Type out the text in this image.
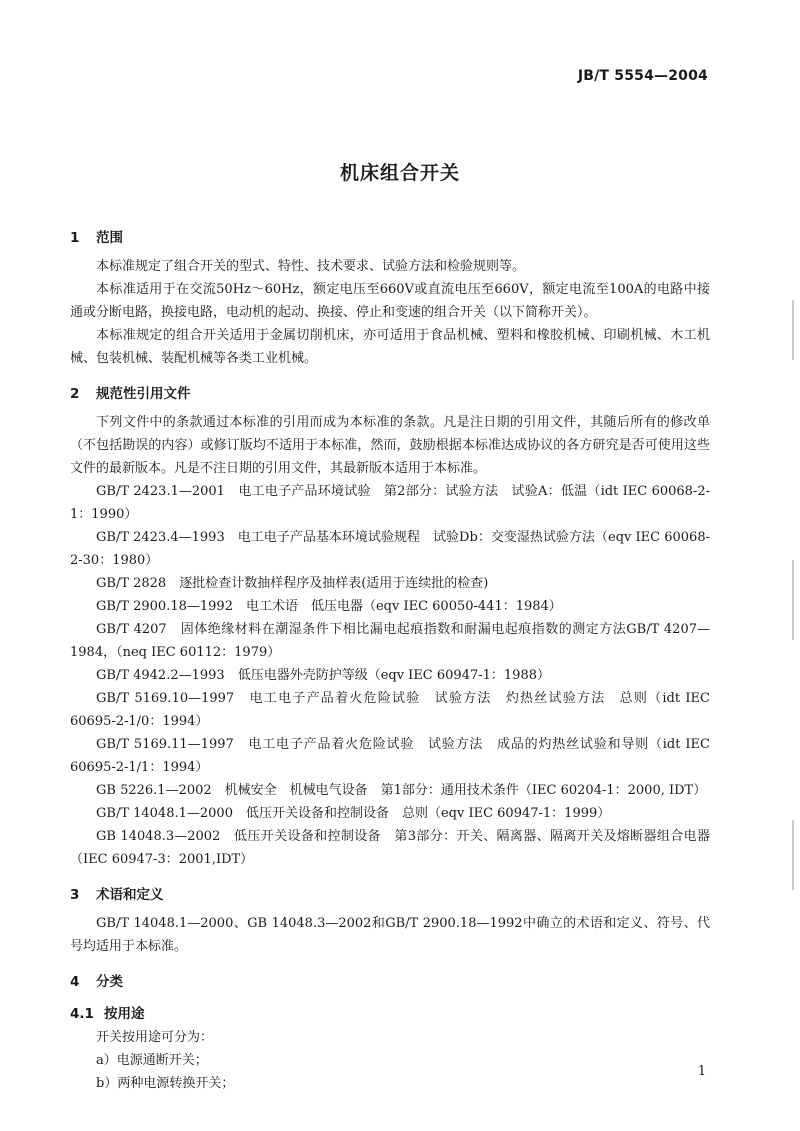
JB/T 5554—2004
机床组合开关
1 范围

本标准规定了组合开关的型式、特性、技术要求、试验方法和检验规则等。

本标准适用于在交流50Hz～60Hz，额定电压至660V或直流电压至660V，额定电流至100A的电路中接通或分断电路，换接电路，电动机的起动、换接、停止和变速的组合开关（以下简称开关）。

本标准规定的组合开关适用于金属切削机床，亦可适用于食品机械、塑料和橡胶机械、印刷机械、木工机械、包装机械、装配机械等各类工业机械。

2 规范性引用文件

下列文件中的条款通过本标准的引用而成为本标准的条款。凡是注日期的引用文件，其随后所有的修改单（不包括勘误的内容）或修订版均不适用于本标准，然而，鼓励根据本标准达成协议的各方研究是否可使用这些文件的最新版本。凡是不注日期的引用文件，其最新版本适用于本标准。

GB/T 2423.1—2001　电工电子产品环境试验　第2部分：试验方法　试验A：低温（idt IEC 60068-2-1：1990）

GB/T 2423.4—1993　电工电子产品基本环境试验规程　试验Db：交变湿热试验方法（eqv IEC 60068-2-30：1980）

GB/T 2828　逐批检查计数抽样程序及抽样表(适用于连续批的检查)

GB/T 2900.18—1992　电工术语　低压电器（eqv IEC 60050-441：1984）

GB/T 4207　固体绝缘材料在潮湿条件下相比漏电起痕指数和耐漏电起痕指数的测定方法GB/T 4207—1984，（neq IEC 60112：1979）

GB/T 4942.2—1993　低压电器外壳防护等级（eqv IEC 60947-1：1988）

GB/T 5169.10—1997　电工电子产品着火危险试验　试验方法　灼热丝试验方法　总则（idt IEC 60695-2-1/0：1994）

GB/T 5169.11—1997　电工电子产品着火危险试验　试验方法　成品的灼热丝试验和导则（idt IEC 60695-2-1/1：1994）

GB 5226.1—2002　机械安全　机械电气设备　第1部分：通用技术条件（IEC 60204-1：2000, IDT）

GB/T 14048.1—2000　低压开关设备和控制设备　总则（eqv IEC 60947-1：1999）

GB 14048.3—2002　低压开关设备和控制设备　第3部分：开关、隔离器、隔离开关及熔断器组合电器（IEC 60947-3：2001,IDT）

3 术语和定义

GB/T 14048.1—2000、GB 14048.3—2002和GB/T 2900.18—1992中确立的术语和定义、符号、代号均适用于本标准。

4 分类
4.1 按用途

开关按用途可分为：

a）电源通断开关；

b）两种电源转换开关；

1
